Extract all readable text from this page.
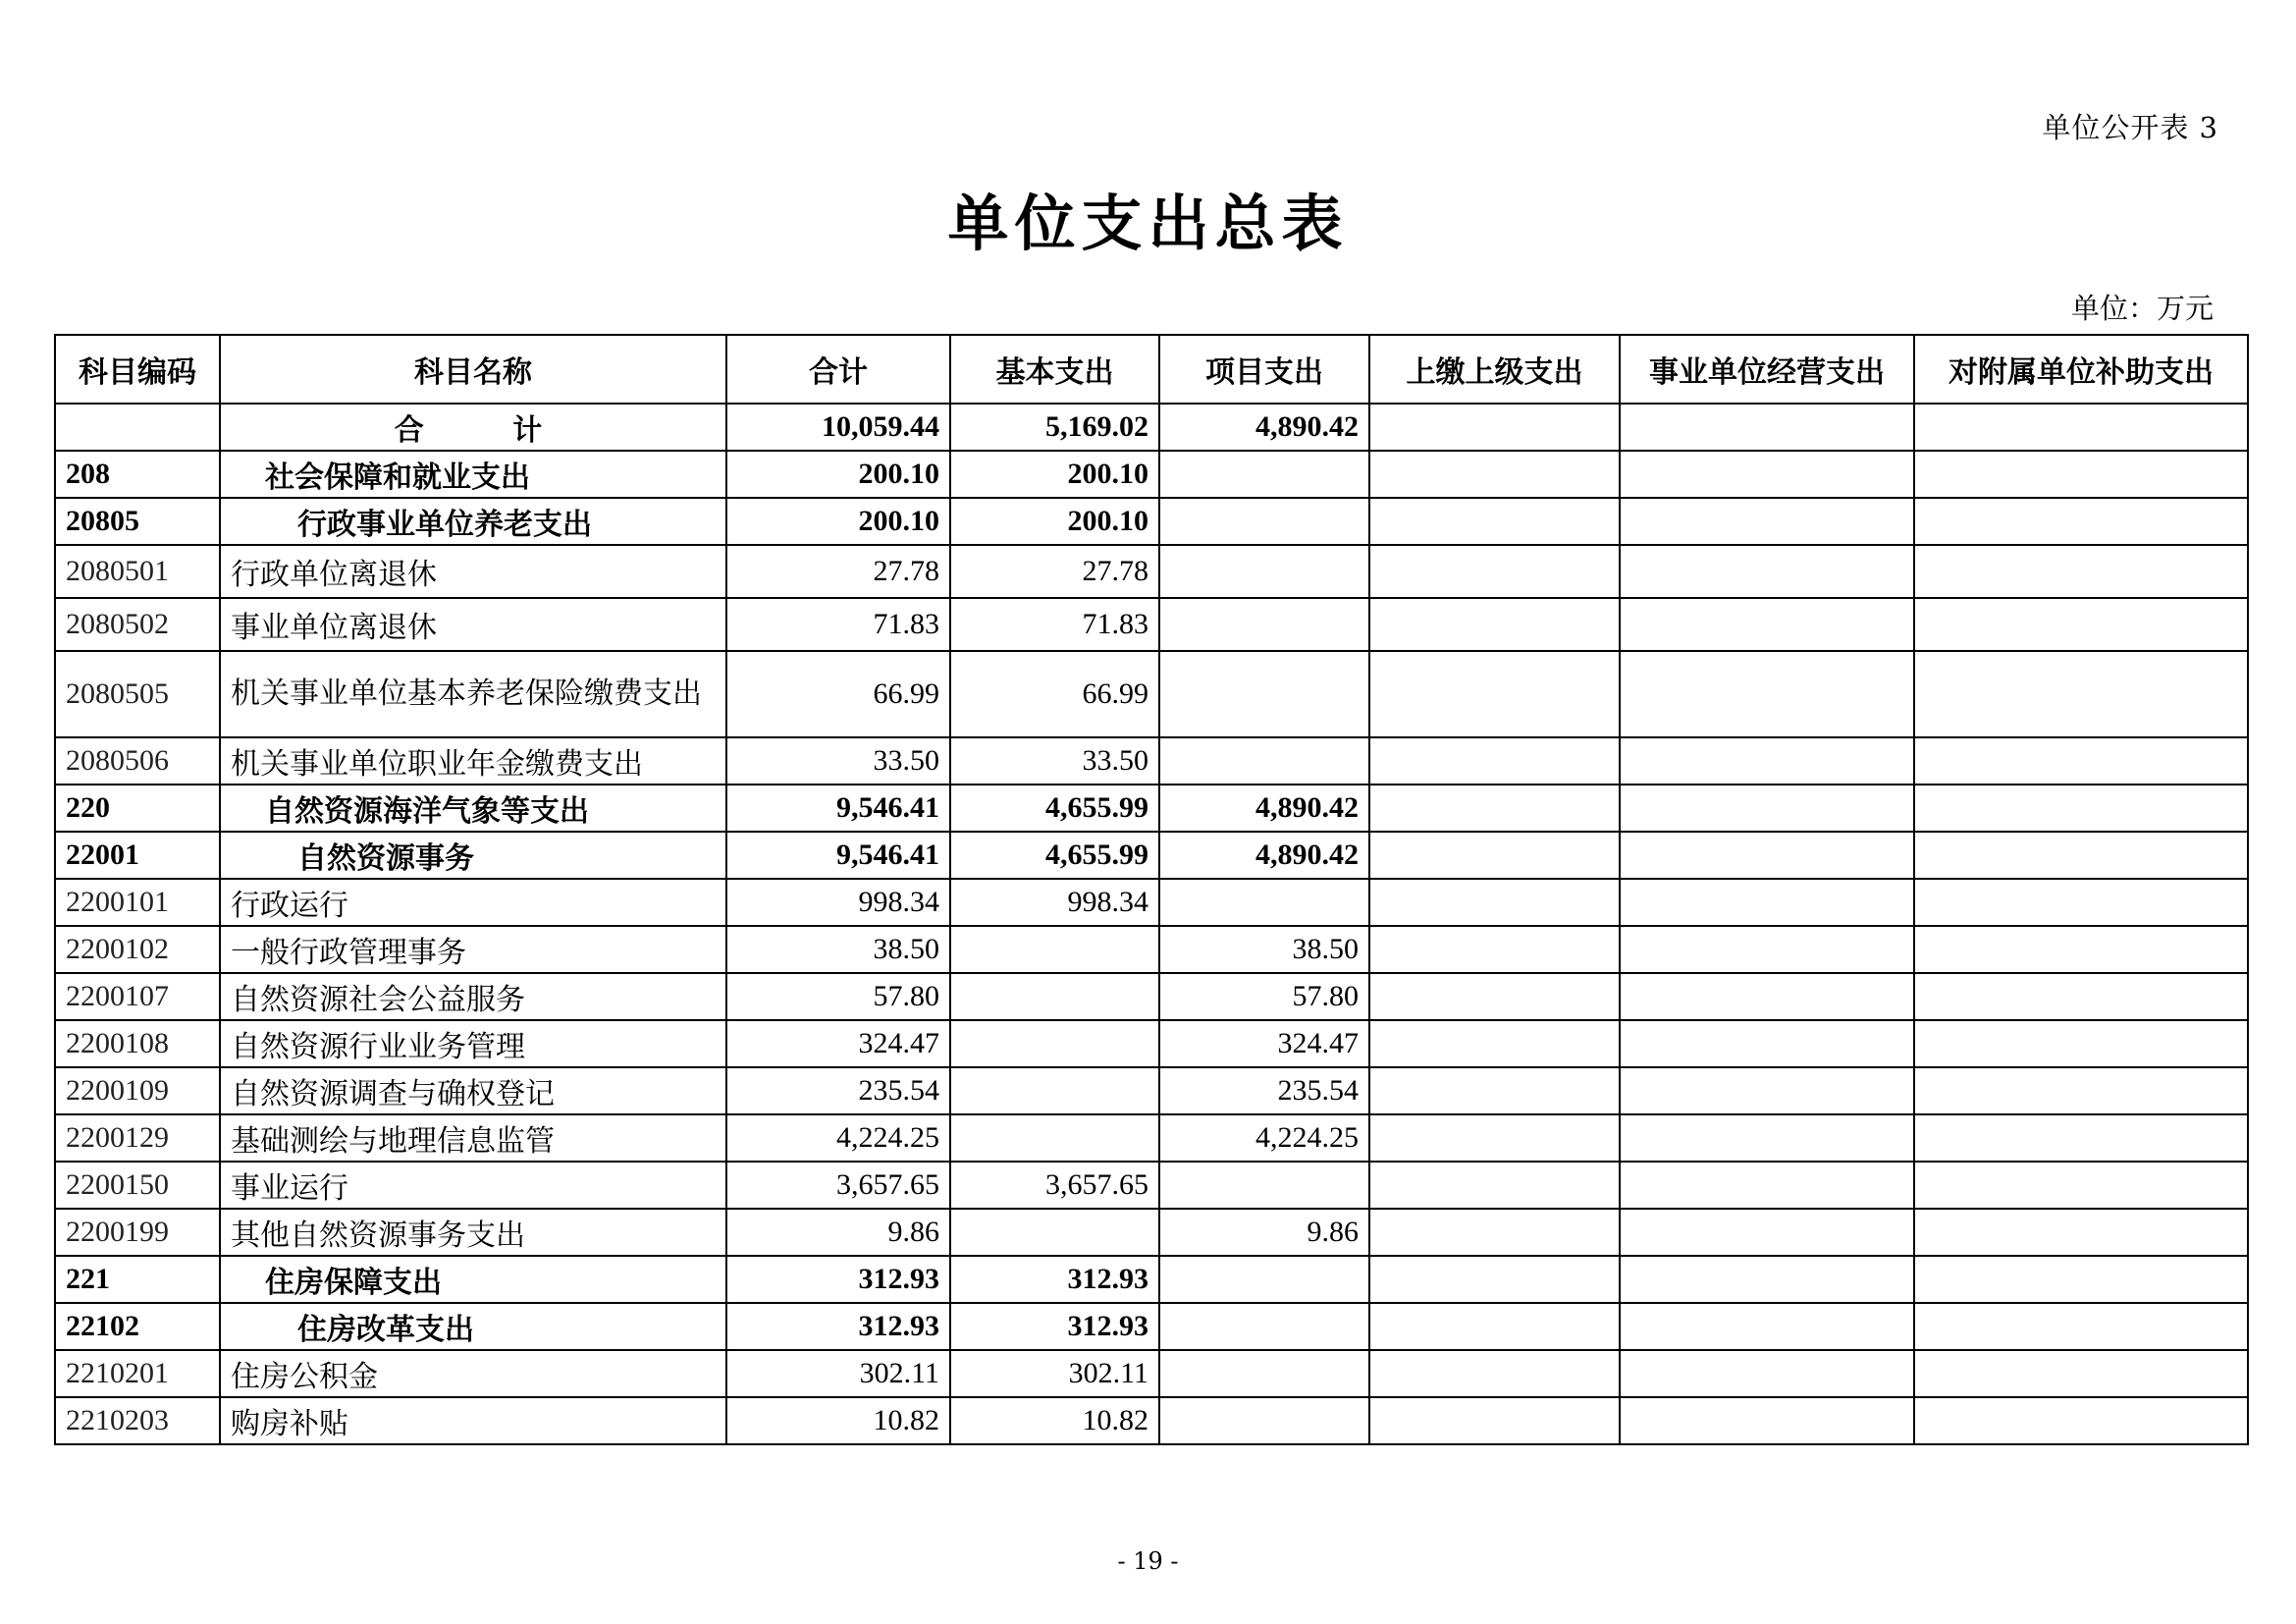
单位公开表 3
单位支出总表
单位：万元
科目编码	科目名称	合计	基本支出	项目支出	上缴上级支出	事业单位经营支出	对附属单位补助支出
	合 计	10,059.44	5,169.02	4,890.42			
208	社会保障和就业支出	200.10	200.10				
20805	行政事业单位养老支出	200.10	200.10				
2080501	行政单位离退休	27.78	27.78				
2080502	事业单位离退休	71.83	71.83				
2080505	机关事业单位基本养老保险缴费支出	66.99	66.99				
2080506	机关事业单位职业年金缴费支出	33.50	33.50				
220	自然资源海洋气象等支出	9,546.41	4,655.99	4,890.42			
22001	自然资源事务	9,546.41	4,655.99	4,890.42			
2200101	行政运行	998.34	998.34				
2200102	一般行政管理事务	38.50		38.50			
2200107	自然资源社会公益服务	57.80		57.80			
2200108	自然资源行业业务管理	324.47		324.47			
2200109	自然资源调查与确权登记	235.54		235.54			
2200129	基础测绘与地理信息监管	4,224.25		4,224.25			
2200150	事业运行	3,657.65	3,657.65				
2200199	其他自然资源事务支出	9.86		9.86			
221	住房保障支出	312.93	312.93				
22102	住房改革支出	312.93	312.93				
2210201	住房公积金	302.11	302.11				
2210203	购房补贴	10.82	10.82				
- 19 -
